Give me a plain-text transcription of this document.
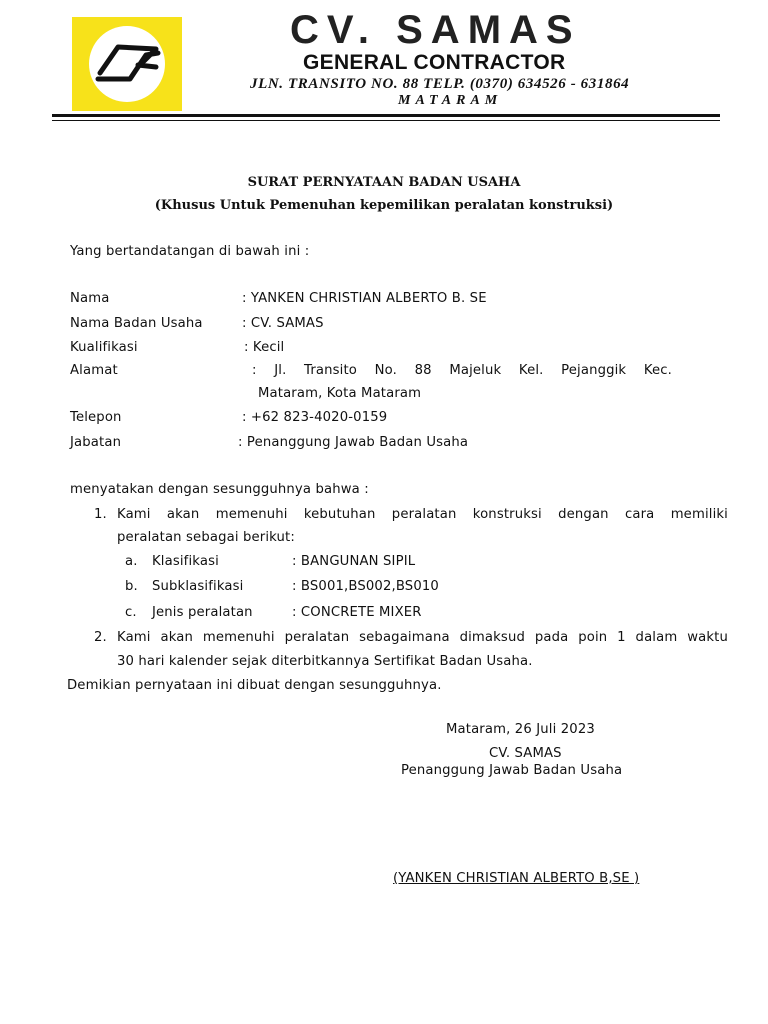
CV. SAMAS
GENERAL CONTRACTOR
JLN. TRANSITO NO. 88 TELP. (0370) 634526 - 631864
MATARAM
SURAT PERNYATAAN BADAN USAHA
(Khusus Untuk Pemenuhan kepemilikan peralatan konstruksi)
Yang bertandatangan di bawah ini :
Nama	: YANKEN CHRISTIAN ALBERTO B. SE
Nama Badan Usaha	: CV. SAMAS
Kualifikasi	: Kecil
Alamat	: Jl. Transito No. 88 Majeluk Kel. Pejanggik Kec.
Mataram, Kota Mataram
Telepon	: +62 823-4020-0159
Jabatan	: Penanggung Jawab Badan Usaha
menyatakan dengan sesungguhnya bahwa :
1. Kami akan memenuhi kebutuhan peralatan konstruksi dengan cara memiliki
peralatan sebagai berikut:
a. Klasifikasi	: BANGUNAN SIPIL
b. Subklasifikasi	: BS001,BS002,BS010
c. Jenis peralatan	: CONCRETE MIXER
2. Kami akan memenuhi peralatan sebagaimana dimaksud pada poin 1 dalam waktu
30 hari kalender sejak diterbitkannya Sertifikat Badan Usaha.
Demikian pernyataan ini dibuat dengan sesungguhnya.
Mataram, 26 Juli 2023
CV. SAMAS
Penanggung Jawab Badan Usaha
(YANKEN CHRISTIAN ALBERTO B,SE )
